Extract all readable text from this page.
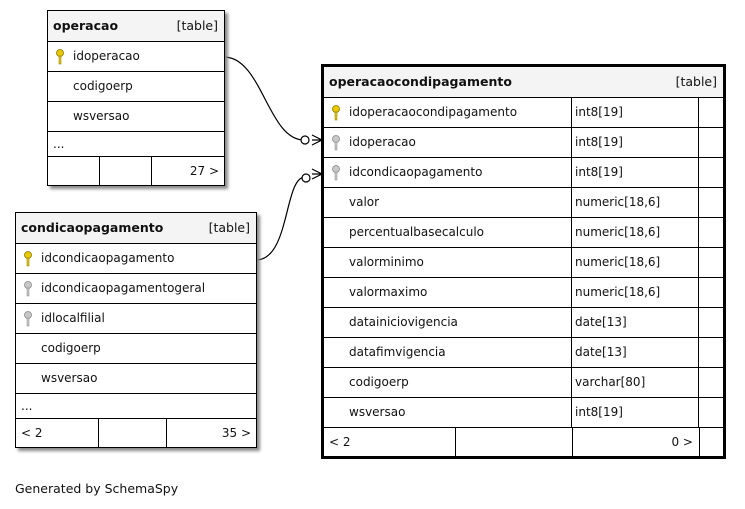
operacao	[table]
idoperacao
codigoerp
wsversao
...
27 >
condicaopagamento	[table]
idcondicaopagamento
idcondicaopagamentogeral
idlocalfilial
codigoerp
wsversao
...
< 2	35 >
operacaocondipagamento	[table]
idoperacaocondipagamento	int8[19]
idoperacao	int8[19]
idcondicaopagamento	int8[19]
valor	numeric[18,6]
percentualbasecalculo	numeric[18,6]
valorminimo	numeric[18,6]
valormaximo	numeric[18,6]
datainiciovigencia	date[13]
datafimvigencia	date[13]
codigoerp	varchar[80]
wsversao	int8[19]
< 2	0 >
Generated by SchemaSpy
